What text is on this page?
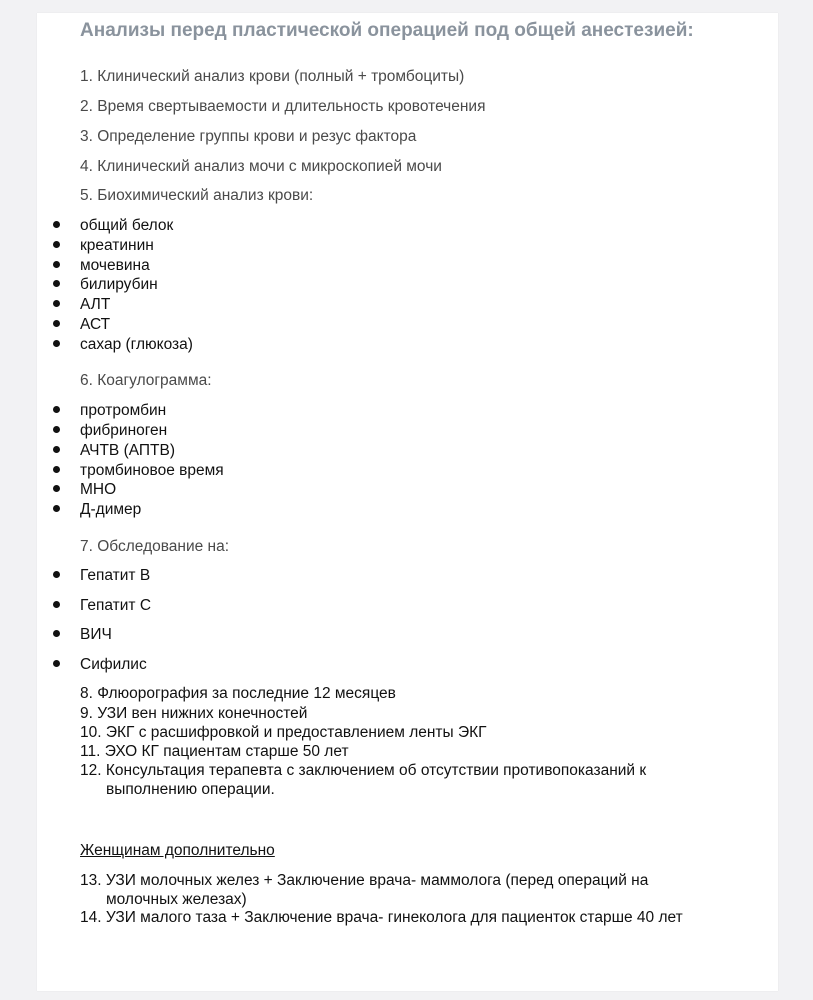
Анализы перед пластической операцией под общей анестезией:
1. Клинический анализ крови (полный + тромбоциты)
2. Время свертываемости и длительность кровотечения
3. Определение группы крови и резус фактора
4. Клинический анализ мочи с микроскопией мочи
5. Биохимический анализ крови:
общий белок
креатинин
мочевина
билирубин
АЛТ
АСТ
сахар (глюкоза)
6. Коагулограмма:
протромбин
фибриноген
АЧТВ (АПТВ)
тромбиновое время
МНО
Д-димер
7. Обследование на:
Гепатит В
Гепатит С
ВИЧ
Сифилис
8. Флюорография за последние 12 месяцев
9. УЗИ вен нижних конечностей
10. ЭКГ с расшифровкой и предоставлением ленты ЭКГ
11. ЭХО КГ пациентам старше 50 лет
12. Консультация терапевта с заключением об отсутствии противопоказаний к
выполнению операции.
Женщинам дополнительно
13. УЗИ молочных желез + Заключение врача- маммолога (перед операций на
молочных железах)
14. УЗИ малого таза + Заключение врача- гинеколога для пациенток старше 40 лет
